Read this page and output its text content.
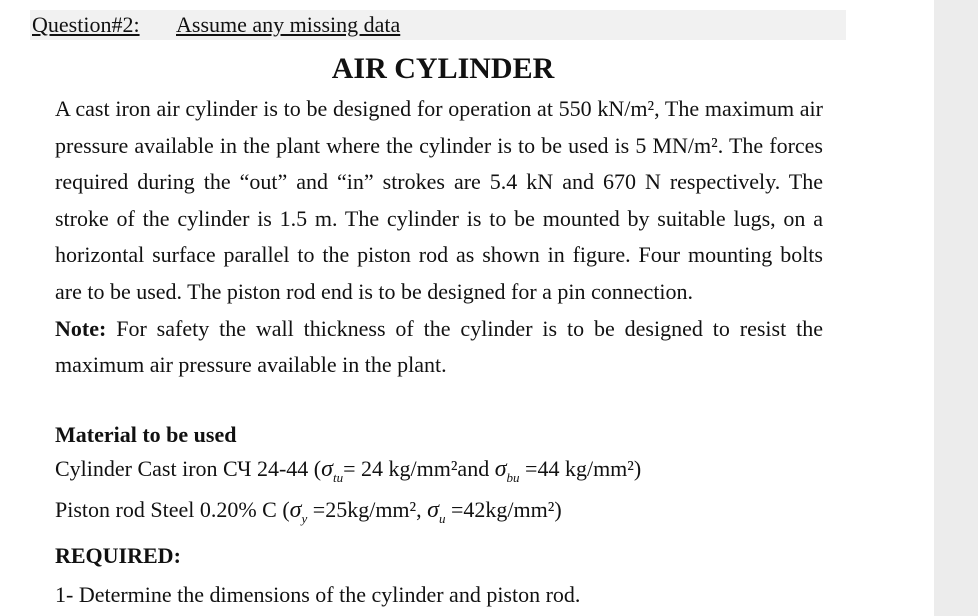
Question#2: Assume any missing data
AIR CYLINDER

A cast iron air cylinder is to be designed for operation at 550 kN/m², The maximum air pressure available in the plant where the cylinder is to be used is 5 MN/m². The forces required during the “out” and “in” strokes are 5.4 kN and 670 N respectively. The stroke of the cylinder is 1.5 m. The cylinder is to be mounted by suitable lugs, on a horizontal surface parallel to the piston rod as shown in figure. Four mounting bolts are to be used. The piston rod end is to be designed for a pin connection.

Note: For safety the wall thickness of the cylinder is to be designed to resist the maximum air pressure available in the plant.

Material to be used
Cylinder Cast iron СЧ 24-44 ($\sigma_{tu}= 24$ kg/mm²and $\sigma_{bu} =44$ kg/mm²)
Piston rod Steel 0.20% C ($\sigma_y =25kg/mm^2$, $\sigma_u =42kg/mm^2$)
REQUIRED:
1- Determine the dimensions of the cylinder and piston rod.
